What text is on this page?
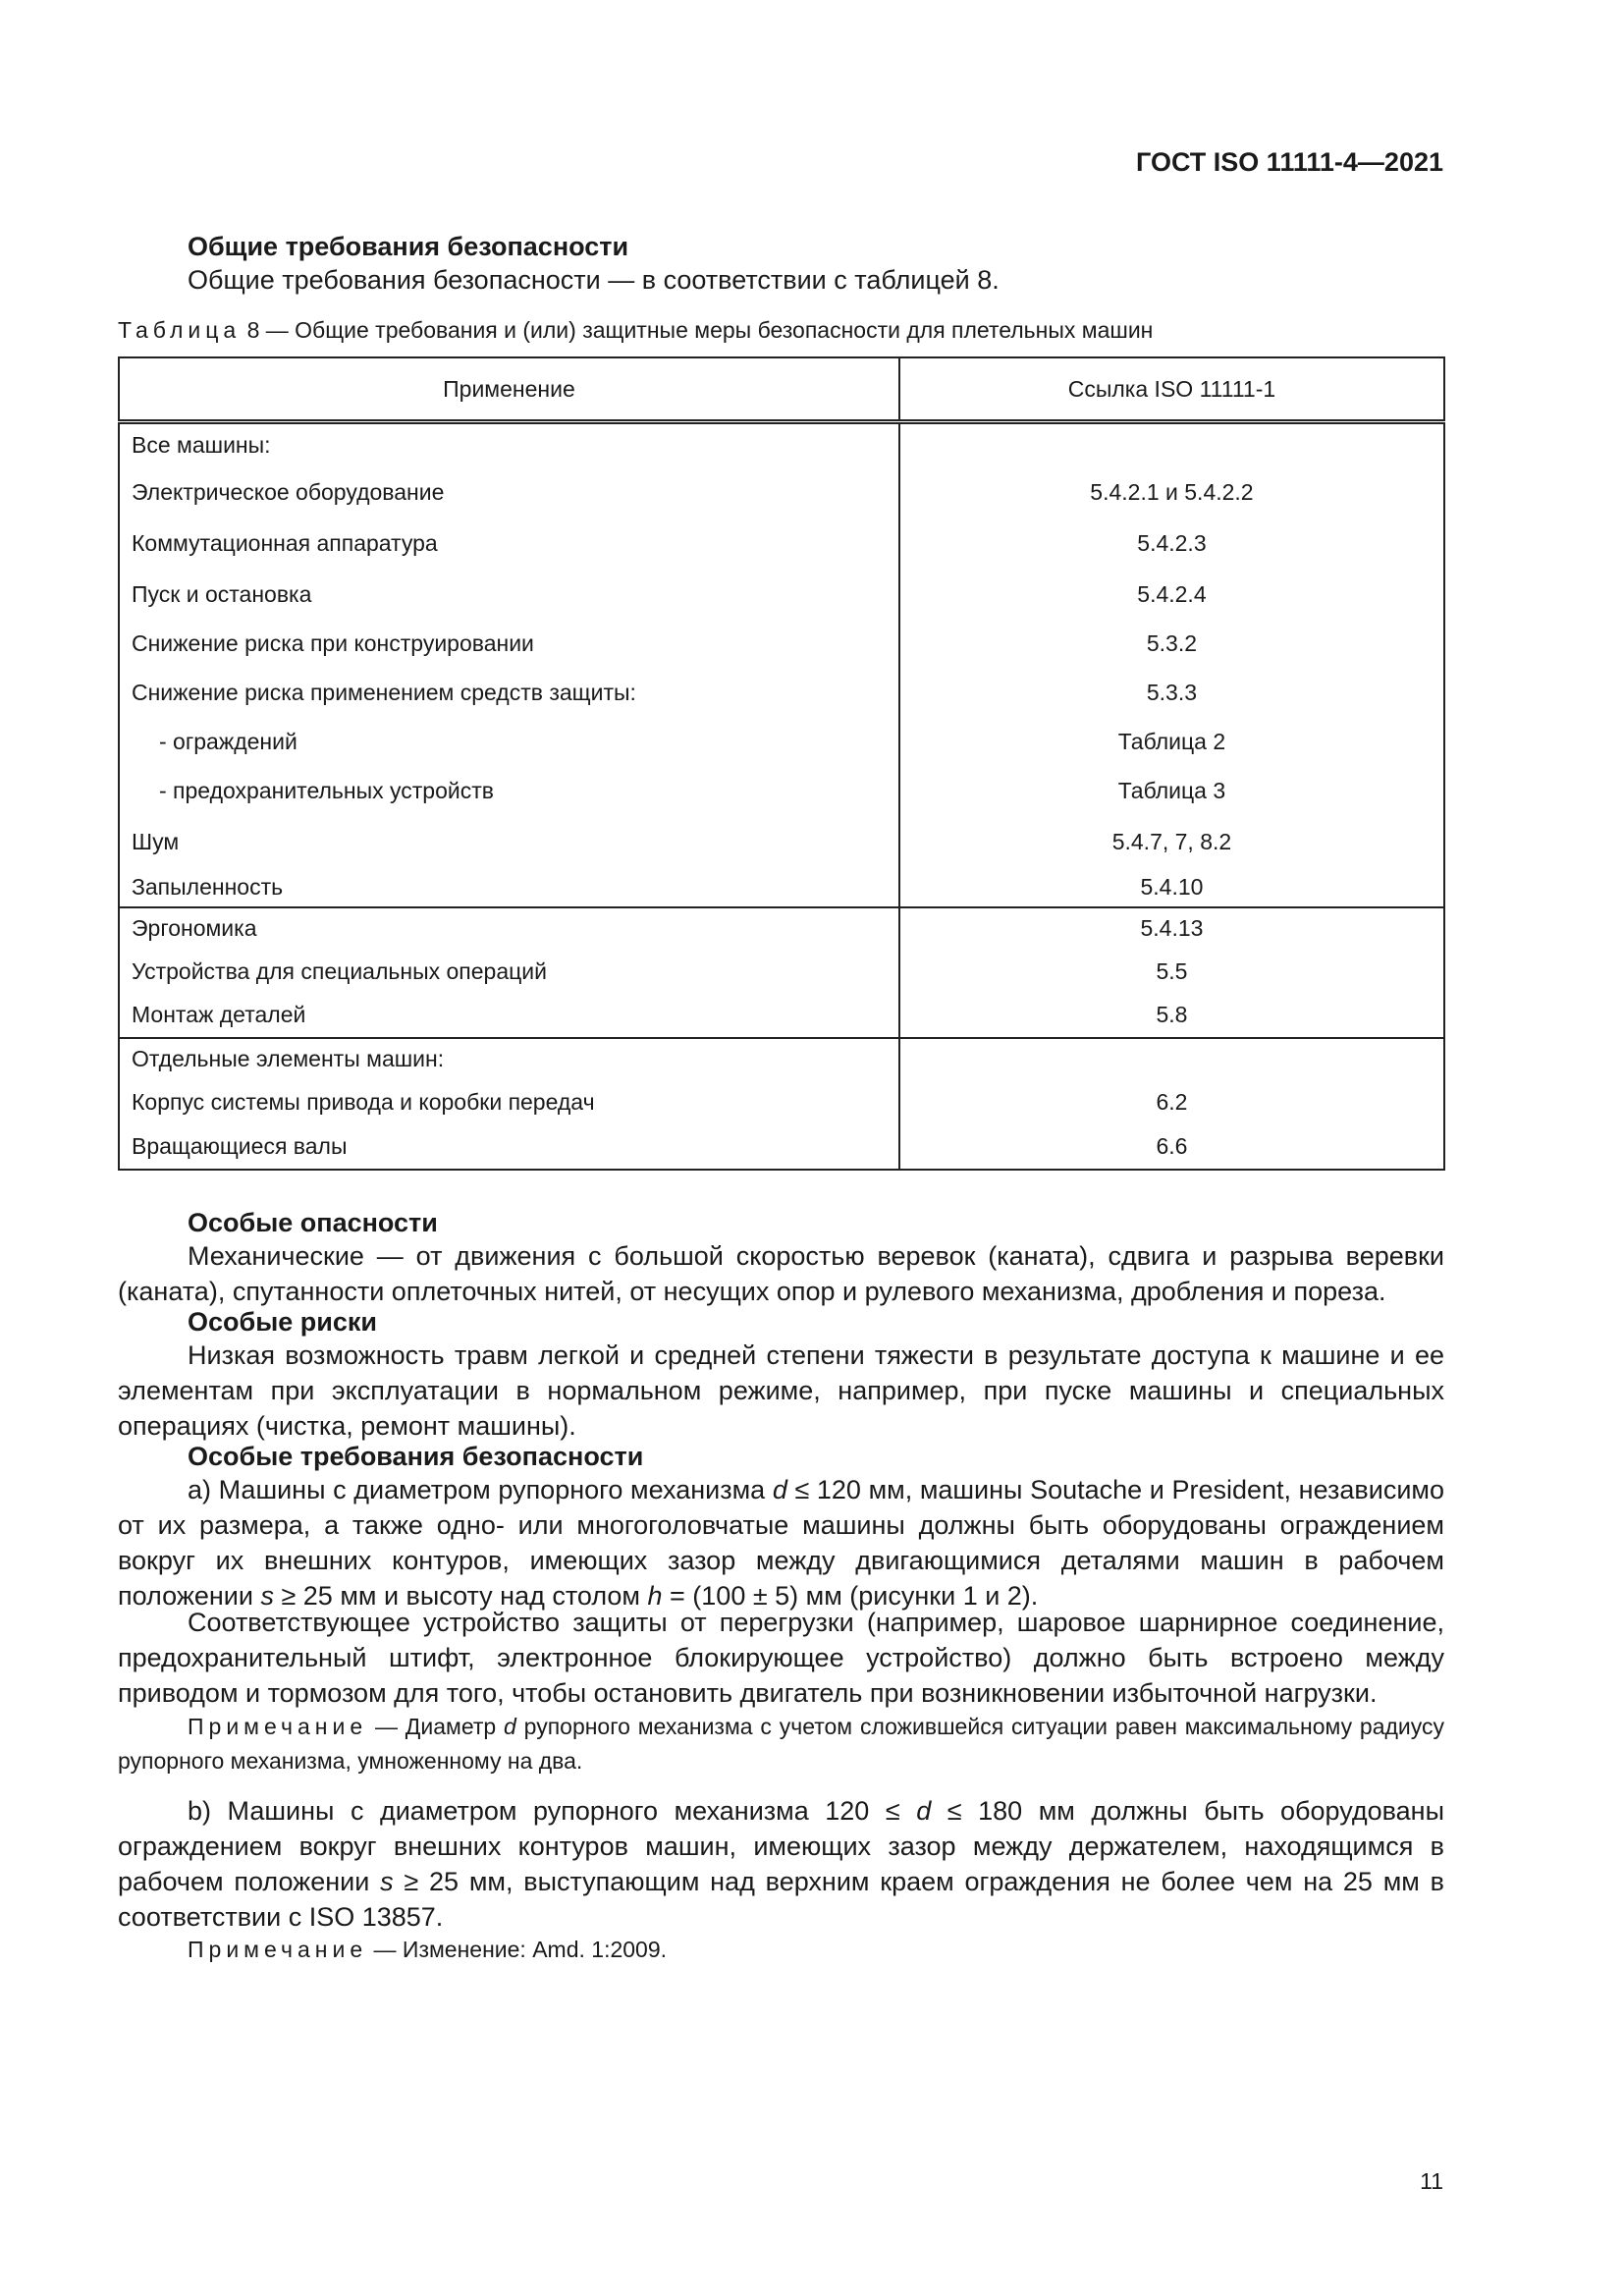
ГОСТ ISO 11111-4—2021
Общие требования безопасности
Общие требования безопасности — в соответствии с таблицей 8.
Таблица 8 — Общие требования и (или) защитные меры безопасности для плетельных машин
Применение	Ссылка ISO 11111-1
Все машины:	
Электрическое оборудование	5.4.2.1 и 5.4.2.2
Коммутационная аппаратура	5.4.2.3
Пуск и остановка	5.4.2.4
Снижение риска при конструировании	5.3.2
Снижение риска применением средств защиты:	5.3.3
- ограждений	Таблица 2
- предохранительных устройств	Таблица 3
Шум	5.4.7, 7, 8.2
Запыленность	5.4.10
Эргономика	5.4.13
Устройства для специальных операций	5.5
Монтаж деталей	5.8
Отдельные элементы машин:	
Корпус системы привода и коробки передач	6.2
Вращающиеся валы	6.6
Особые опасности

Механические — от движения с большой скоростью веревок (каната), сдвига и разрыва веревки (каната), спутанности оплеточных нитей, от несущих опор и рулевого механизма, дробления и пореза.

Особые риски

Низкая возможность травм легкой и средней степени тяжести в результате доступа к машине и ее элементам при эксплуатации в нормальном режиме, например, при пуске машины и специальных операциях (чистка, ремонт машины).

Особые требования безопасности

a) Машины с диаметром рупорного механизма d ≤ 120 мм, машины Soutache и President, независимо от их размера, а также одно- или многоголовчатые машины должны быть оборудованы ограждением вокруг их внешних контуров, имеющих зазор между двигающимися деталями машин в рабочем положении s ≥ 25 мм и высоту над столом h = (100 ± 5) мм (рисунки 1 и 2).

Соответствующее устройство защиты от перегрузки (например, шаровое шарнирное соединение, предохранительный штифт, электронное блокирующее устройство) должно быть встроено между приводом и тормозом для того, чтобы остановить двигатель при возникновении избыточной нагрузки.

Примечание — Диаметр d рупорного механизма с учетом сложившейся ситуации равен максимальному радиусу рупорного механизма, умноженному на два.

b) Машины с диаметром рупорного механизма 120 ≤ d ≤ 180 мм должны быть оборудованы ограждением вокруг внешних контуров машин, имеющих зазор между держателем, находящимся в рабочем положении s ≥ 25 мм, выступающим над верхним краем ограждения не более чем на 25 мм в соответствии с ISO 13857.

Примечание — Изменение: Amd. 1:2009.

11
